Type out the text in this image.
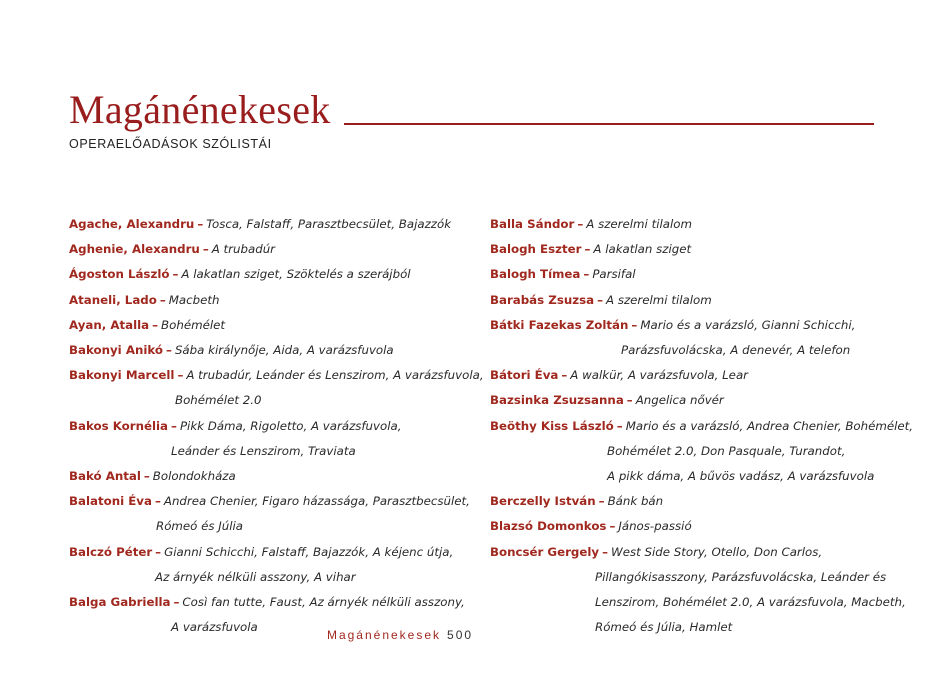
Magánénekesek
OPERAELŐADÁSOK SZÓLISTÁI
Agache, Alexandru – Tosca, Falstaff, Parasztbecsület, Bajazzók
Aghenie, Alexandru – A trubadúr
Ágoston László – A lakatlan sziget, Szöktelés a szerájból
Ataneli, Lado – Macbeth
Ayan, Atalla – Bohémélet
Bakonyi Anikó – Sába királynője, Aida, A varázsfuvola
Bakonyi Marcell – A trubadúr, Leánder és Lenszirom, A varázsfuvola,
Bohémélet 2.0
Bakos Kornélia – Pikk Dáma, Rigoletto, A varázsfuvola,
Leánder és Lenszirom, Traviata
Bakó Antal – Bolondokháza
Balatoni Éva – Andrea Chenier, Figaro házassága, Parasztbecsület,
Rómeó és Júlia
Balczó Péter – Gianni Schicchi, Falstaff, Bajazzók, A kéjenc útja,
Az árnyék nélküli asszony, A vihar
Balga Gabriella – Così fan tutte, Faust, Az árnyék nélküli asszony,
A varázsfuvola
Balla Sándor – A szerelmi tilalom
Balogh Eszter – A lakatlan sziget
Balogh Tímea – Parsifal
Barabás Zsuzsa – A szerelmi tilalom
Bátki Fazekas Zoltán – Mario és a varázsló, Gianni Schicchi,
Parázsfuvolácska, A denevér, A telefon
Bátori Éva – A walkür, A varázsfuvola, Lear
Bazsinka Zsuzsanna – Angelica nővér
Beöthy Kiss László – Mario és a varázsló, Andrea Chenier, Bohémélet,
Bohémélet 2.0, Don Pasquale, Turandot,
A pikk dáma, A bűvös vadász, A varázsfuvola
Berczelly István – Bánk bán
Blazsó Domonkos – János-passió
Boncsér Gergely – West Side Story, Otello, Don Carlos,
Pillangókisasszony, Parázsfuvolácska, Leánder és
Lenszirom, Bohémélet 2.0, A varázsfuvola, Macbeth,
Rómeó és Júlia, Hamlet
Magánénekesek 500
